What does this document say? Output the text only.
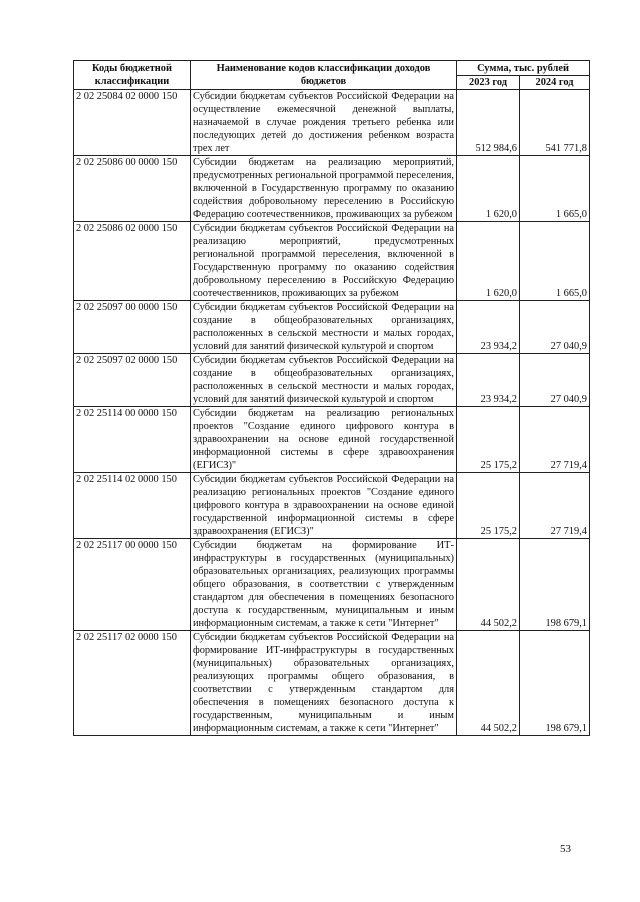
Коды бюджетной классификации	Наименование кодов классификации доходов бюджетов	Сумма, тыс. рублей	
		2023 год	2024 год
2 02 25084 02 0000 150	Субсидии бюджетам субъектов Российской Федерации на осуществление ежемесячной денежной выплаты, назначаемой в случае рождения третьего ребенка или последующих детей до достижения ребенком возраста трех лет	512 984,6	541 771,8
2 02 25086 00 0000 150	Субсидии бюджетам на реализацию мероприятий, предусмотренных региональной программой переселения, включенной в Государственную программу по оказанию содействия добровольному переселению в Российскую Федерацию соотечественников, проживающих за рубежом	1 620,0	1 665,0
2 02 25086 02 0000 150	Субсидии бюджетам субъектов Российской Федерации на реализацию мероприятий, предусмотренных региональной программой переселения, включенной в Государственную программу по оказанию содействия добровольному переселению в Российскую Федерацию соотечественников, проживающих за рубежом	1 620,0	1 665,0
2 02 25097 00 0000 150	Субсидии бюджетам субъектов Российской Федерации на создание в общеобразовательных организациях, расположенных в сельской местности и малых городах, условий для занятий физической культурой и спортом	23 934,2	27 040,9
2 02 25097 02 0000 150	Субсидии бюджетам субъектов Российской Федерации на создание в общеобразовательных организациях, расположенных в сельской местности и малых городах, условий для занятий физической культурой и спортом	23 934,2	27 040,9
2 02 25114 00 0000 150	Субсидии бюджетам на реализацию региональных проектов "Создание единого цифрового контура в здравоохранении на основе единой государственной информационной системы в сфере здравоохранения (ЕГИСЗ)"	25 175,2	27 719,4
2 02 25114 02 0000 150	Субсидии бюджетам субъектов Российской Федерации на реализацию региональных проектов "Создание единого цифрового контура в здравоохранении на основе единой государственной информационной системы в сфере здравоохранения (ЕГИСЗ)"	25 175,2	27 719,4
2 02 25117 00 0000 150	Субсидии бюджетам на формирование ИТ-инфраструктуры в государственных (муниципальных) образовательных организациях, реализующих программы общего образования, в соответствии с утвержденным стандартом для обеспечения в помещениях безопасного доступа к государственным, муниципальным и иным информационным системам, а также к сети "Интернет"	44 502,2	198 679,1
2 02 25117 02 0000 150	Субсидии бюджетам субъектов Российской Федерации на формирование ИТ-инфраструктуры в государственных (муниципальных) образовательных организациях, реализующих программы общего образования, в соответствии с утвержденным стандартом для обеспечения в помещениях безопасного доступа к государственным, муниципальным и иным информационным системам, а также к сети "Интернет"	44 502,2	198 679,1
53
